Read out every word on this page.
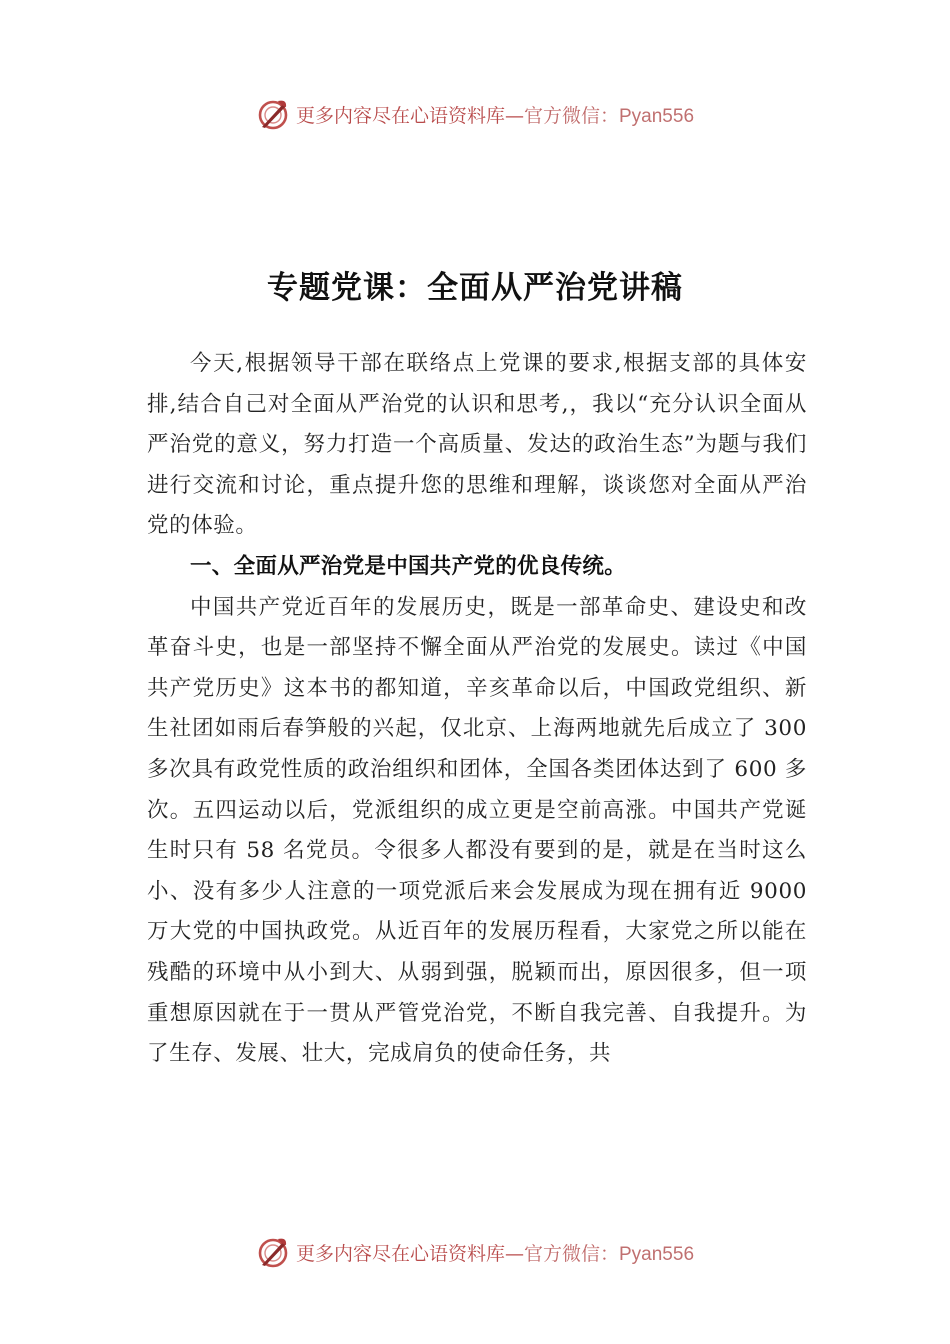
更多内容尽在心语资料库—官方微信：Pyan556
专题党课：全面从严治党讲稿

今天,根据领导干部在联络点上党课的要求,根据支部的具体安排,结合自己对全面从严治党的认识和思考,，我以“充分认识全面从严治党的意义，努力打造一个高质量、发达的政治生态”为题与我们进行交流和讨论，重点提升您的思维和理解，谈谈您对全面从严治党的体验。

一、全面从严治党是中国共产党的优良传统。

中国共产党近百年的发展历史，既是一部革命史、建设史和改革奋斗史，也是一部坚持不懈全面从严治党的发展史。读过《中国共产党历史》这本书的都知道，辛亥革命以后，中国政党组织、新生社团如雨后春笋般的兴起，仅北京、上海两地就先后成立了 300 多次具有政党性质的政治组织和团体，全国各类团体达到了 600 多次。五四运动以后，党派组织的成立更是空前高涨。中国共产党诞生时只有 58 名党员。令很多人都没有要到的是，就是在当时这么小、没有多少人注意的一项党派后来会发展成为现在拥有近 9000 万大党的中国执政党。从近百年的发展历程看，大家党之所以能在残酷的环境中从小到大、从弱到强，脱颖而出，原因很多，但一项重想原因就在于一贯从严管党治党，不断自我完善、自我提升。为了生存、发展、壮大，完成肩负的使命任务，共

更多内容尽在心语资料库—官方微信：Pyan556
